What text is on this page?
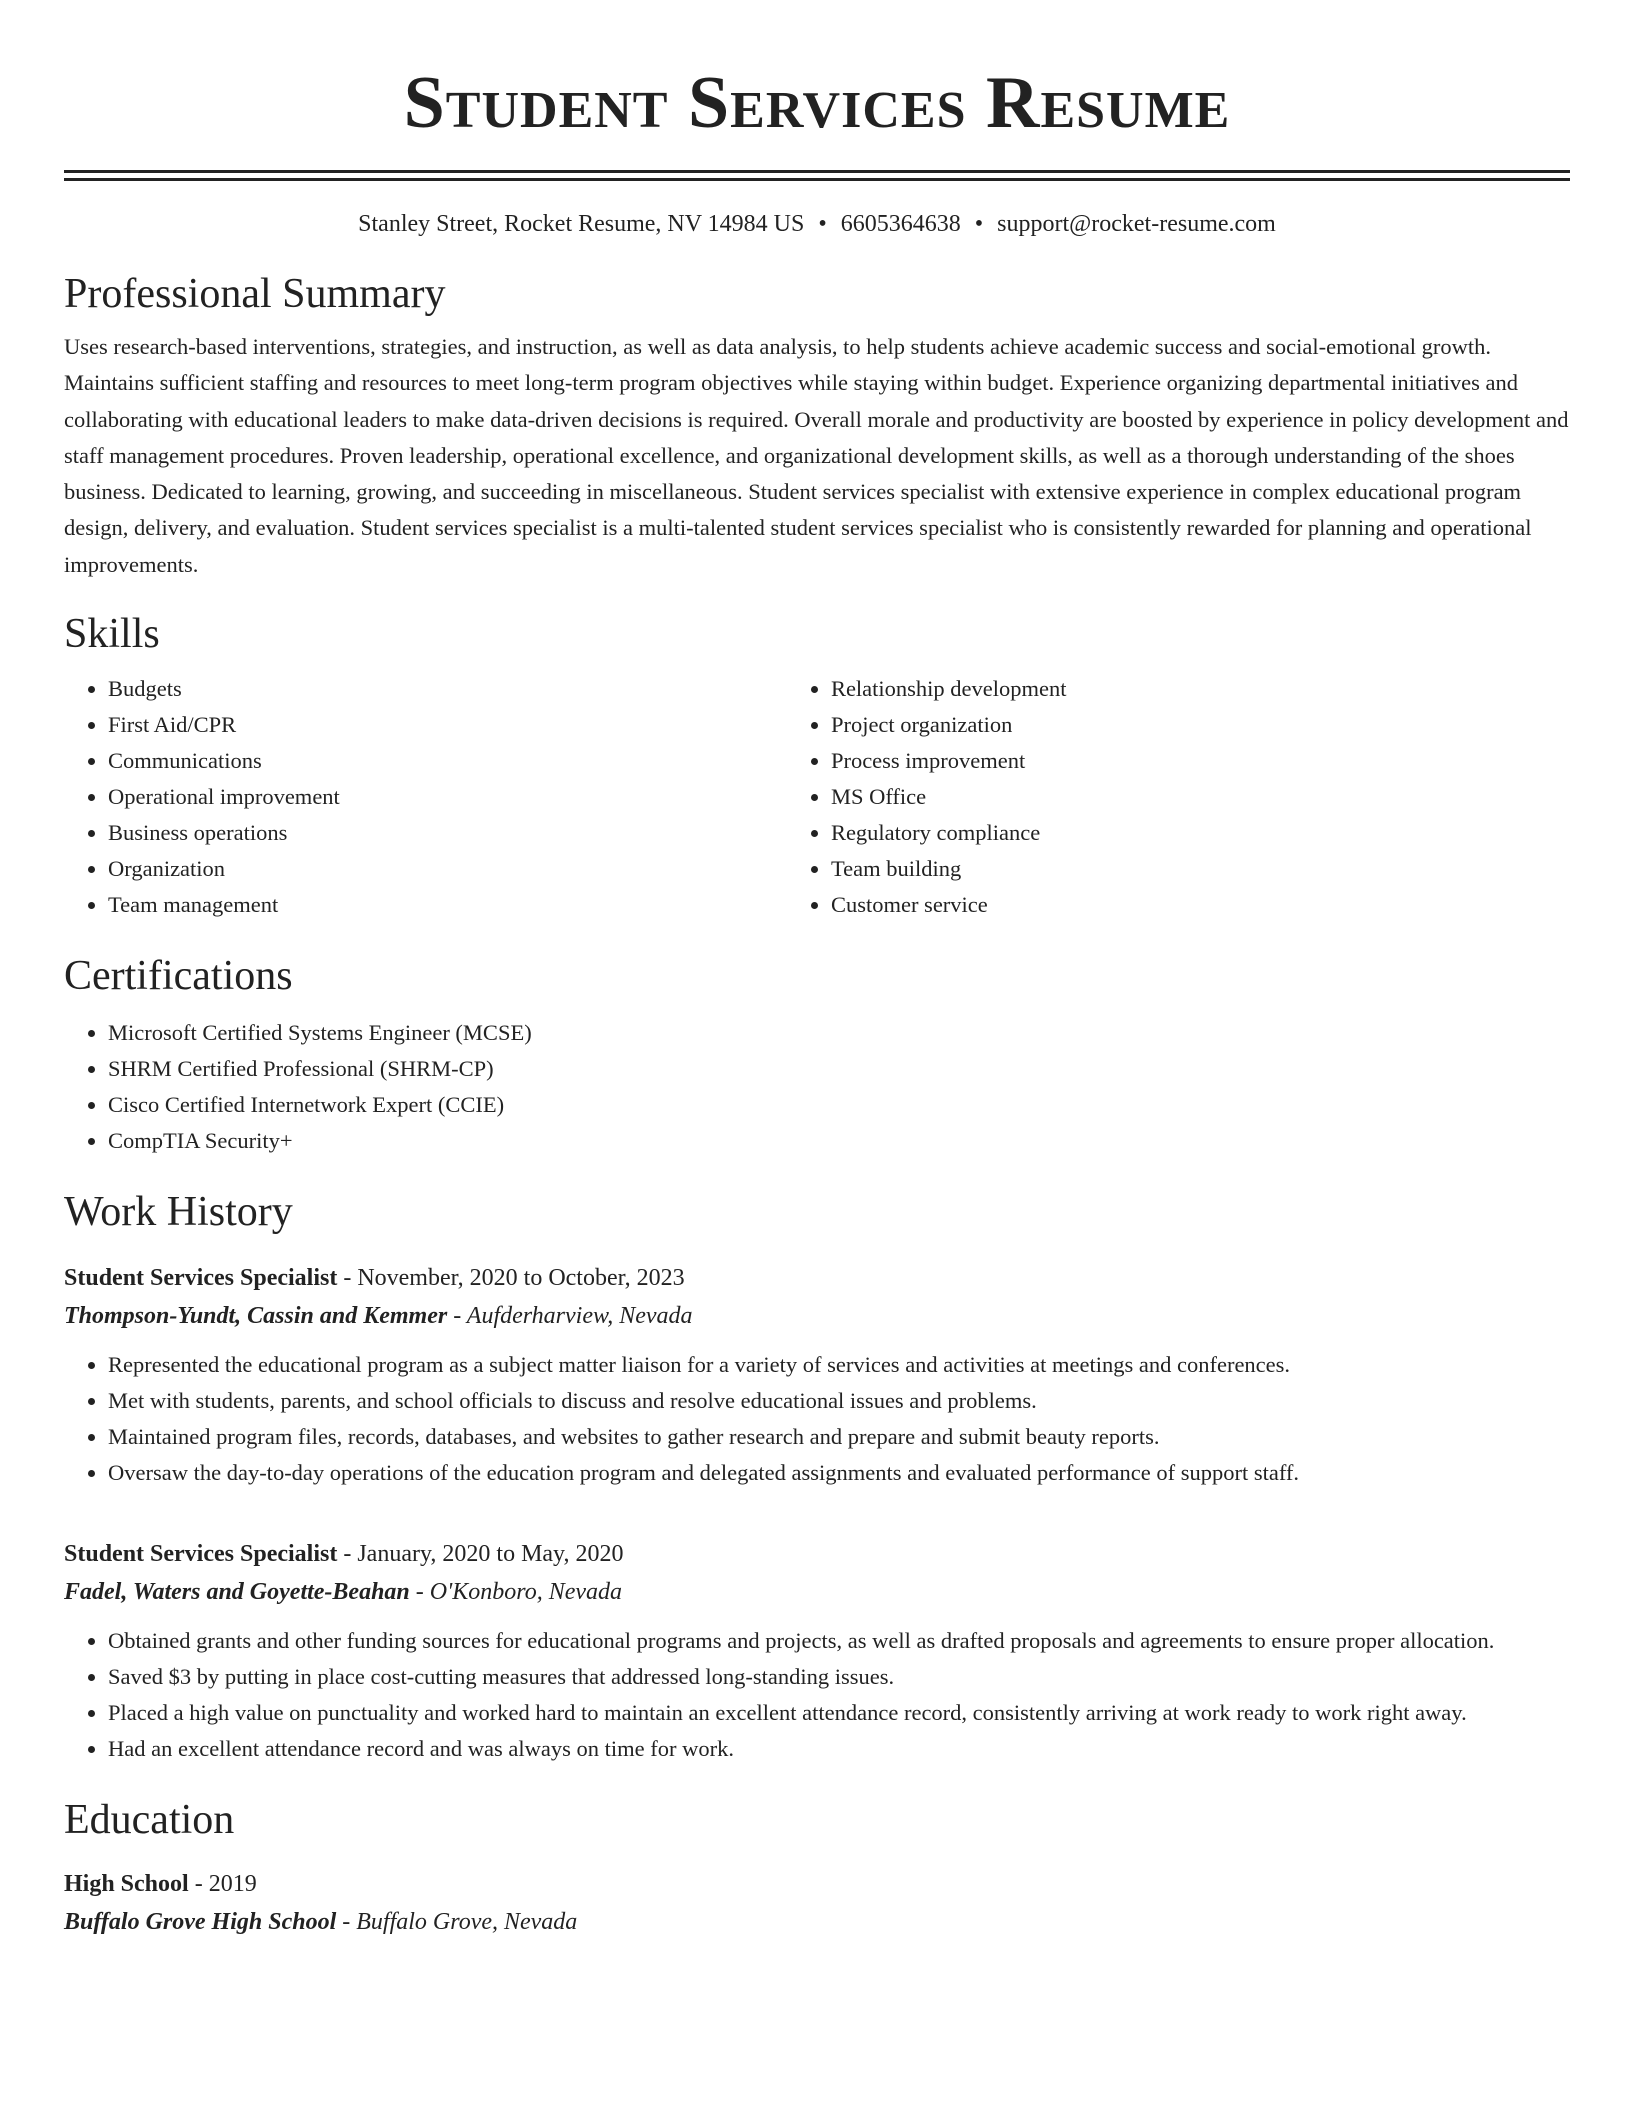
Student Services Resume
Stanley Street, Rocket Resume, NV 14984 US • 6605364638 • support@rocket-resume.com
Professional Summary
Uses research-based interventions, strategies, and instruction, as well as data analysis, to help students achieve academic success and social-emotional growth. Maintains sufficient staffing and resources to meet long-term program objectives while staying within budget. Experience organizing departmental initiatives and collaborating with educational leaders to make data-driven decisions is required. Overall morale and productivity are boosted by experience in policy development and staff management procedures. Proven leadership, operational excellence, and organizational development skills, as well as a thorough understanding of the shoes business. Dedicated to learning, growing, and succeeding in miscellaneous. Student services specialist with extensive experience in complex educational program design, delivery, and evaluation. Student services specialist is a multi-talented student services specialist who is consistently rewarded for planning and operational improvements.
Skills
• Budgets
• First Aid/CPR
• Communications
• Operational improvement
• Business operations
• Organization
• Team management
• Relationship development
• Project organization
• Process improvement
• MS Office
• Regulatory compliance
• Team building
• Customer service
Certifications
• Microsoft Certified Systems Engineer (MCSE)
• SHRM Certified Professional (SHRM-CP)
• Cisco Certified Internetwork Expert (CCIE)
• CompTIA Security+
Work History
Student Services Specialist - November, 2020 to October, 2023
Thompson-Yundt, Cassin and Kemmer - Aufderharview, Nevada
• Represented the educational program as a subject matter liaison for a variety of services and activities at meetings and conferences.
• Met with students, parents, and school officials to discuss and resolve educational issues and problems.
• Maintained program files, records, databases, and websites to gather research and prepare and submit beauty reports.
• Oversaw the day-to-day operations of the education program and delegated assignments and evaluated performance of support staff.
Student Services Specialist - January, 2020 to May, 2020
Fadel, Waters and Goyette-Beahan - O'Konboro, Nevada
• Obtained grants and other funding sources for educational programs and projects, as well as drafted proposals and agreements to ensure proper allocation.
• Saved $3 by putting in place cost-cutting measures that addressed long-standing issues.
• Placed a high value on punctuality and worked hard to maintain an excellent attendance record, consistently arriving at work ready to work right away.
• Had an excellent attendance record and was always on time for work.
Education
High School - 2019
Buffalo Grove High School - Buffalo Grove, Nevada
